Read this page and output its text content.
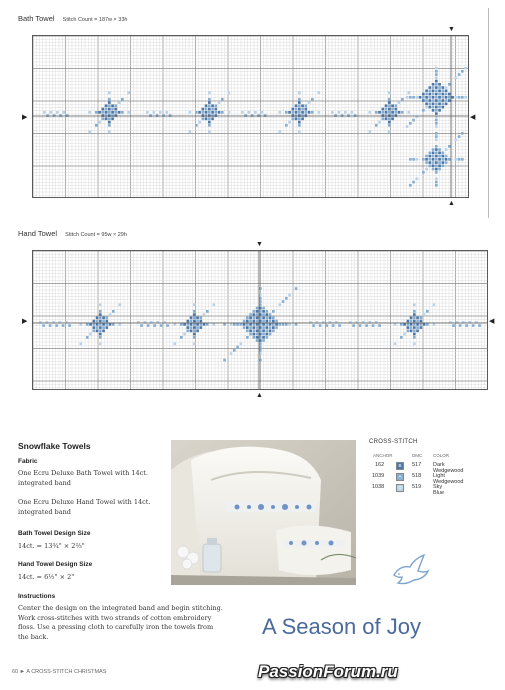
Bath Towel Stitch Count = 187w × 33h
▼
▶	◀
▲
Hand Towel Stitch Count = 95w × 29h
▼
▶	◀
▲
Snowflake Towels
Fabric
One Ecru Deluxe Bath Towel with 14ct. integrated band
One Ecru Deluxe Hand Towel with 14ct. integrated band
Bath Towel Design Size
14ct. = 13¾" × 2⅔"
Hand Towel Design Size
14ct. = 6½" × 2"
Instructions
Center the design on the integrated band and begin stitching. Work cross-stitches with two strands of cotton embroidery floss. Use a pressing cloth to carefully iron the towels from the back.
CROSS-STITCH
ANCHOR	DMC COLOR
162	B	517 Dark Wedgewood
1039	A	518 Light Wedgewood
1038	O	519 Sky Blue
A Season of Joy
60 ► A CROSS-STITCH CHRISTMAS	PassionForum.ru
